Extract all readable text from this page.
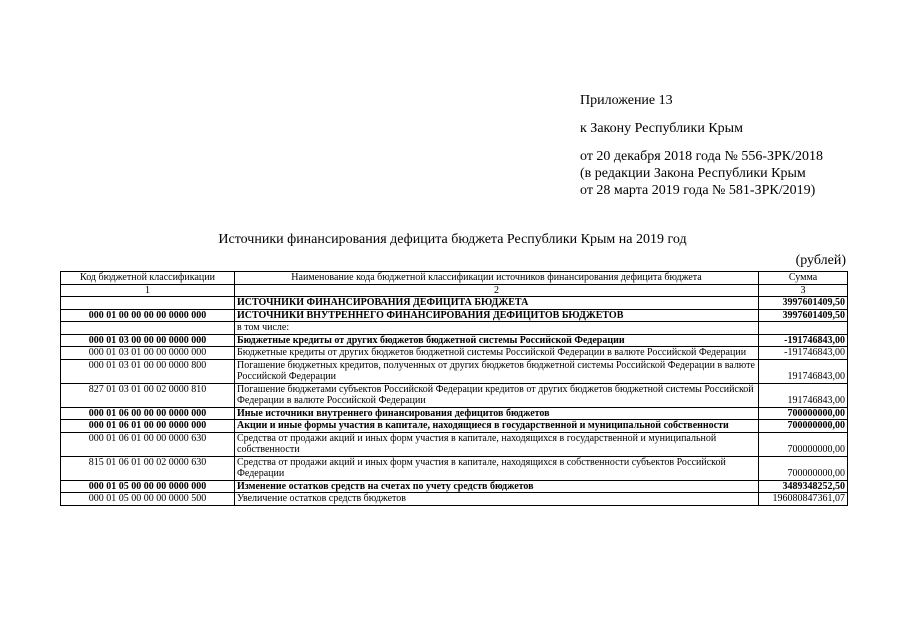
Приложение 13
к Закону Республики Крым
от 20 декабря 2018 года № 556-ЗРК/2018
(в редакции Закона Республики Крым
от 28 марта 2019 года № 581-ЗРК/2019)
Источники финансирования дефицита бюджета Республики Крым на 2019 год
(рублей)
Код бюджетной классификации	Наименование кода бюджетной классификации источников финансирования дефицита бюджета	Сумма
1	2	3
	ИСТОЧНИКИ ФИНАНСИРОВАНИЯ ДЕФИЦИТА БЮДЖЕТА	3997601409,50
000 01 00 00 00 00 0000 000	ИСТОЧНИКИ ВНУТРЕННЕГО ФИНАНСИРОВАНИЯ ДЕФИЦИТОВ БЮДЖЕТОВ	3997601409,50
	в том числе:	
000 01 03 00 00 00 0000 000	Бюджетные кредиты от других бюджетов бюджетной системы Российской Федерации	-191746843,00
000 01 03 01 00 00 0000 000	Бюджетные кредиты от других бюджетов бюджетной системы Российской Федерации в валюте Российской Федерации	-191746843,00
000 01 03 01 00 00 0000 800	Погашение бюджетных кредитов, полученных от других бюджетов бюджетной системы Российской Федерации в валюте Российской Федерации	191746843,00
827 01 03 01 00 02 0000 810	Погашение бюджетами субъектов Российской Федерации кредитов от других бюджетов бюджетной системы Российской Федерации в валюте Российской Федерации	191746843,00
000 01 06 00 00 00 0000 000	Иные источники внутреннего финансирования дефицитов бюджетов	700000000,00
000 01 06 01 00 00 0000 000	Акции и иные формы участия в капитале, находящиеся в государственной и муниципальной собственности	700000000,00
000 01 06 01 00 00 0000 630	Средства от продажи акций и иных форм участия в капитале, находящихся в государственной и муниципальной собственности	700000000,00
815 01 06 01 00 02 0000 630	Средства от продажи акций и иных форм участия в капитале, находящихся в собственности субъектов Российской Федерации	700000000,00
000 01 05 00 00 00 0000 000	Изменение остатков средств на счетах по учету средств бюджетов	3489348252,50
000 01 05 00 00 00 0000 500	Увеличение остатков средств бюджетов	196080847361,07
